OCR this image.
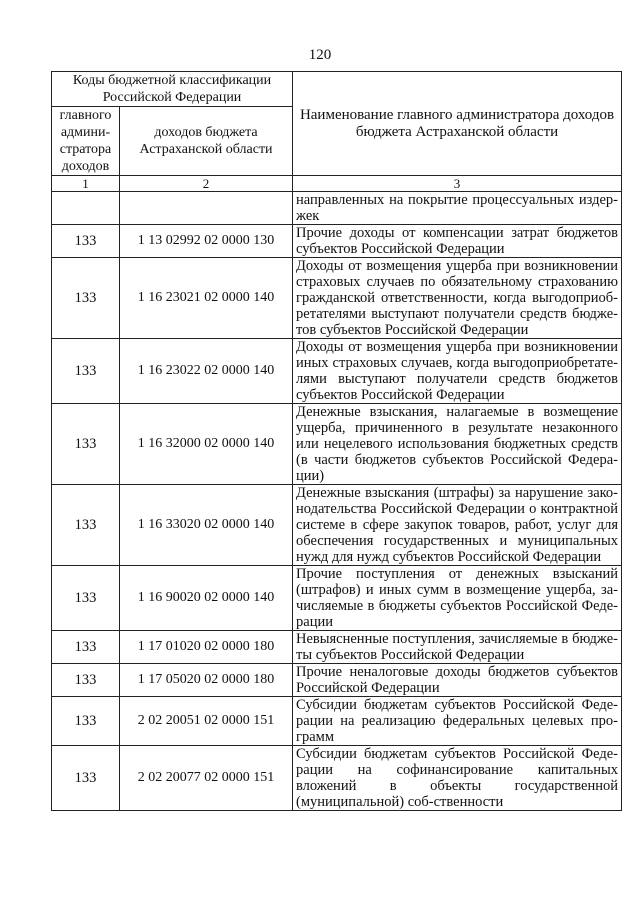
120
Коды бюджетной классификации Российской Федерации		Наименование главного администратора доходов бюджета Астраханской области
главного админи-стратора доходов	доходов бюджета Астраханской области	
1	2	3
		направленных на покрытие процессуальных издер-жек
133	1 13 02992 02 0000 130	Прочие доходы от компенсации затрат бюджетов субъектов Российской Федерации
133	1 16 23021 02 0000 140	Доходы от возмещения ущерба при возникновении страховых случаев по обязательному страхованию гражданской ответственности, когда выгодоприоб-ретателями выступают получатели средств бюдже-тов субъектов Российской Федерации
133	1 16 23022 02 0000 140	Доходы от возмещения ущерба при возникновении иных страховых случаев, когда выгодоприобретате-лями выступают получатели средств бюджетов субъектов Российской Федерации
133	1 16 32000 02 0000 140	Денежные взыскания, налагаемые в возмещение ущерба, причиненного в результате незаконного или нецелевого использования бюджетных средств (в части бюджетов субъектов Российской Федера-ции)
133	1 16 33020 02 0000 140	Денежные взыскания (штрафы) за нарушение зако-нодательства Российской Федерации о контрактной системе в сфере закупок товаров, работ, услуг для обеспечения государственных и муниципальных нужд для нужд субъектов Российской Федерации
133	1 16 90020 02 0000 140	Прочие поступления от денежных взысканий (штрафов) и иных сумм в возмещение ущерба, за-числяемые в бюджеты субъектов Российской Феде-рации
133	1 17 01020 02 0000 180	Невыясненные поступления, зачисляемые в бюдже-ты субъектов Российской Федерации
133	1 17 05020 02 0000 180	Прочие неналоговые доходы бюджетов субъектов Российской Федерации
133	2 02 20051 02 0000 151	Субсидии бюджетам субъектов Российской Феде-рации на реализацию федеральных целевых про-грамм
133	2 02 20077 02 0000 151	Субсидии бюджетам субъектов Российской Феде-рации на софинансирование капитальных вложений в объекты государственной (муниципальной) соб-ственности
